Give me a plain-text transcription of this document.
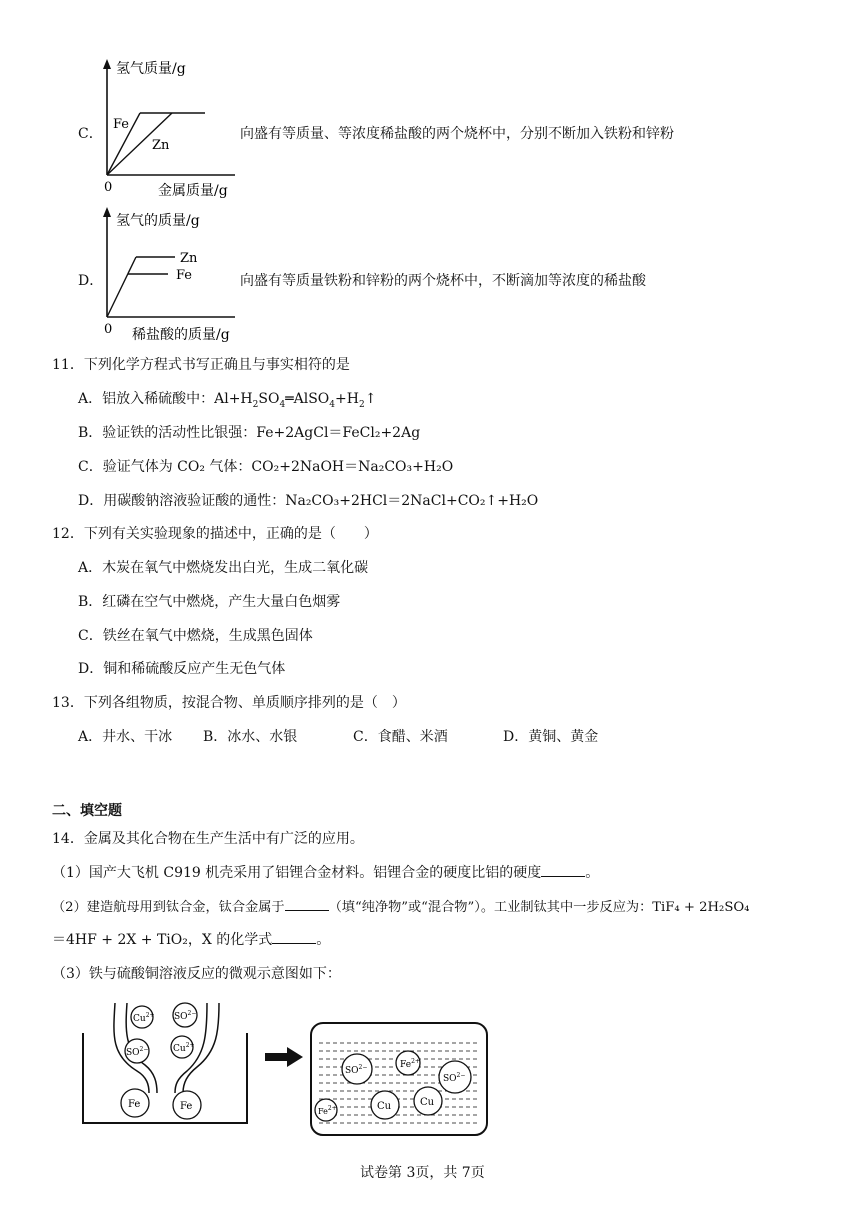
C．
氢气质量/g
Fe
Zn
0	金属质量/g
向盛有等质量、等浓度稀盐酸的两个烧杯中，分别不断加入铁粉和锌粉
D．
氢气的质量/g
Zn
Fe
0 稀盐酸的质量/g
向盛有等质量铁粉和锌粉的两个烧杯中，不断滴加等浓度的稀盐酸
11．下列化学方程式书写正确且与事实相符的是
A．铝放入稀硫酸中：$Al+H_2SO_4═AlSO_4+H_2↑$
B．验证铁的活动性比银强：Fe+2AgCl＝FeCl₂+2Ag
C．验证气体为 CO₂ 气体：CO₂+2NaOH＝Na₂CO₃+H₂O
D．用碳酸钠溶液验证酸的通性：Na₂CO₃+2HCl＝2NaCl+CO₂↑+H₂O
12．下列有关实验现象的描述中，正确的是（　　）
A．木炭在氧气中燃烧发出白光，生成二氧化碳
B．红磷在空气中燃烧，产生大量白色烟雾
C．铁丝在氧气中燃烧，生成黑色固体
D．铜和稀硫酸反应产生无色气体
13．下列各组物质，按混合物、单质顺序排列的是（　）
A．井水、干冰 B．冰水、水银	C．食醋、米酒	D．黄铜、黄金
二、填空题
14．金属及其化合物在生产生活中有广泛的应用。
（1）国产大飞机 C919 机壳采用了铝锂合金材料。铝锂合金的硬度比铝的硬度	。
（2）建造航母用到钛合金，钛合金属于	（填“纯净物”或“混合物”）。工业制钛其中一步反应为：TiF₄ + 2H₂SO₄
＝4HF + 2X + TiO₂，X 的化学式	。
（3）铁与硫酸铜溶液反应的微观示意图如下：
$Cu^{2+}$ $SO^{2-}$
$SO^{2-}$	$Cu^{2+}$
Fe	Fe
$SO^{2-}$	$Fe^{2+}$
$Fe^{2+}$	Cu	Cu
$SO^{2-}$
试卷第 3页，共 7页
